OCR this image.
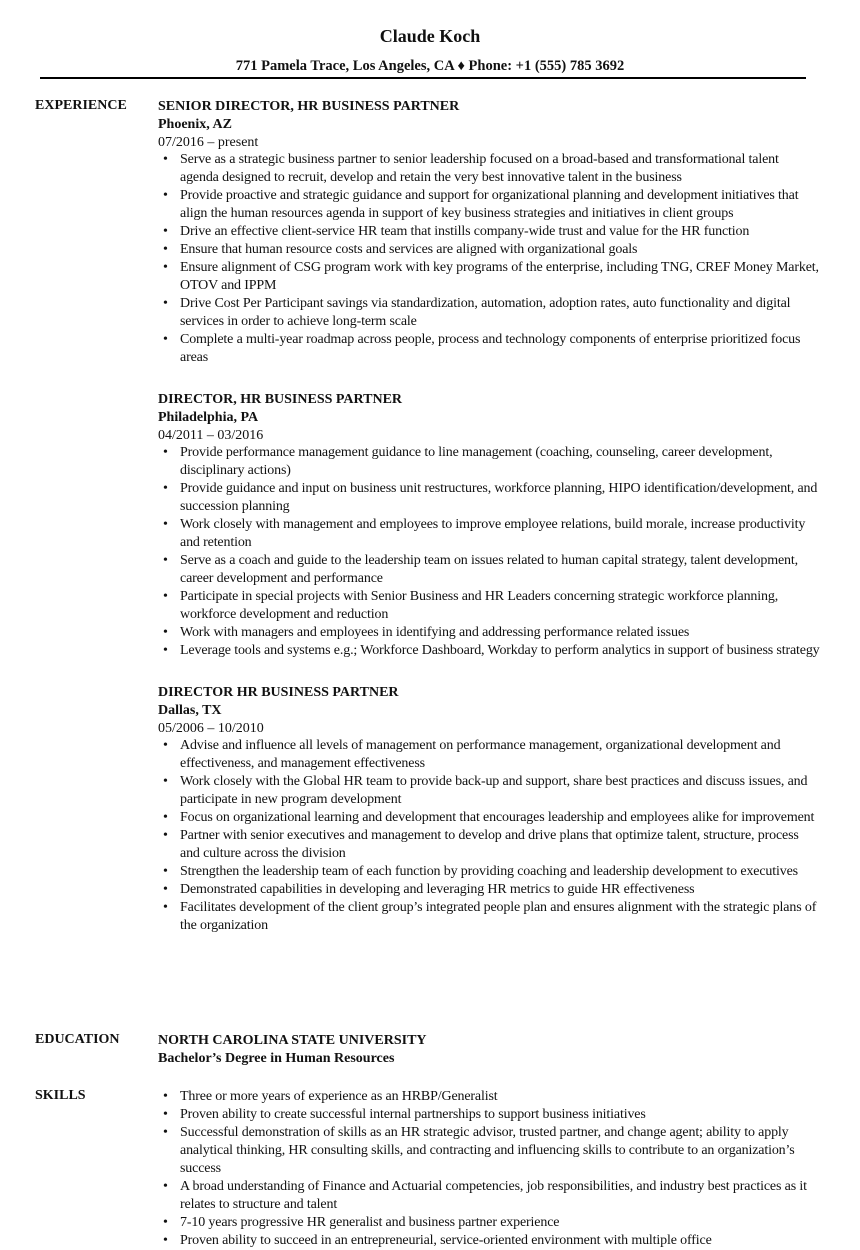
Claude Koch
771 Pamela Trace, Los Angeles, CA ♦ Phone: +1 (555) 785 3692
EXPERIENCE SENIOR DIRECTOR, HR BUSINESS PARTNER
Phoenix, AZ
07/2016 – present
• Serve as a strategic business partner to senior leadership focused on a broad-based and transformational talent agenda designed to recruit, develop and retain the very best innovative talent in the business
• Provide proactive and strategic guidance and support for organizational planning and development initiatives that align the human resources agenda in support of key business strategies and initiatives in client groups
• Drive an effective client-service HR team that instills company-wide trust and value for the HR function
• Ensure that human resource costs and services are aligned with organizational goals
• Ensure alignment of CSG program work with key programs of the enterprise, including TNG, CREF Money Market, OTOV and IPPM
• Drive Cost Per Participant savings via standardization, automation, adoption rates, auto functionality and digital services in order to achieve long-term scale
• Complete a multi-year roadmap across people, process and technology components of enterprise prioritized focus areas
DIRECTOR, HR BUSINESS PARTNER
Philadelphia, PA
04/2011 – 03/2016
• Provide performance management guidance to line management (coaching, counseling, career development, disciplinary actions)
• Provide guidance and input on business unit restructures, workforce planning, HIPO identification/development, and succession planning
• Work closely with management and employees to improve employee relations, build morale, increase productivity and retention
• Serve as a coach and guide to the leadership team on issues related to human capital strategy, talent development, career development and performance
• Participate in special projects with Senior Business and HR Leaders concerning strategic workforce planning, workforce development and reduction
• Work with managers and employees in identifying and addressing performance related issues
• Leverage tools and systems e.g.; Workforce Dashboard, Workday to perform analytics in support of business strategy
DIRECTOR HR BUSINESS PARTNER
Dallas, TX
05/2006 – 10/2010
• Advise and influence all levels of management on performance management, organizational development and effectiveness, and management effectiveness
• Work closely with the Global HR team to provide back-up and support, share best practices and discuss issues, and participate in new program development
• Focus on organizational learning and development that encourages leadership and employees alike for improvement
• Partner with senior executives and management to develop and drive plans that optimize talent, structure, process and culture across the division
• Strengthen the leadership team of each function by providing coaching and leadership development to executives
• Demonstrated capabilities in developing and leveraging HR metrics to guide HR effectiveness
• Facilitates development of the client group’s integrated people plan and ensures alignment with the strategic plans of the organization
EDUCATION	NORTH CAROLINA STATE UNIVERSITY
Bachelor’s Degree in Human Resources
SKILLS	• Three or more years of experience as an HRBP/Generalist
• Proven ability to create successful internal partnerships to support business initiatives
• Successful demonstration of skills as an HR strategic advisor, trusted partner, and change agent; ability to apply analytical thinking, HR consulting skills, and contracting and influencing skills to contribute to an organization’s success
• A broad understanding of Finance and Actuarial competencies, job responsibilities, and industry best practices as it relates to structure and talent
• 7-10 years progressive HR generalist and business partner experience
• Proven ability to succeed in an entrepreneurial, service-oriented environment with multiple office
